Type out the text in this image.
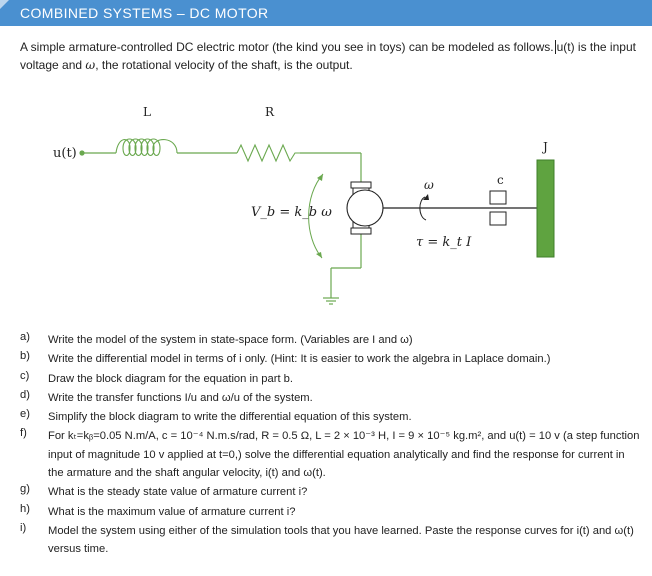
COMBINED SYSTEMS – DC MOTOR
A simple armature-controlled DC electric motor (the kind you see in toys) can be modeled as follows. u(t) is the input voltage and ω, the rotational velocity of the shaft, is the output.
u(t)
L	R
V_b = k_b ω
ω
τ = k_t I
c
J
a)	Write the model of the system in state-space form. (Variables are I and ω)
b)	Write the differential model in terms of i only. (Hint: It is easier to work the algebra in Laplace domain.)
c)	Draw the block diagram for the equation in part b.
d)	Write the transfer functions I/u and ω/u of the system.
e)	Simplify the block diagram to write the differential equation of this system.
f)	For kₜ=kᵦ=0.05 N.m/A, c = 10⁻⁴ N.m.s/rad, R = 0.5 Ω, L = 2 × 10⁻³ H, I = 9 × 10⁻⁵ kg.m², and u(t) = 10 v (a step function input of magnitude 10 v applied at t=0,) solve the differential equation analytically and find the response for current in the armature and the shaft angular velocity, i(t) and ω(t).
g)	What is the steady state value of armature current i?
h)	What is the maximum value of armature current i?
i)	Model the system using either of the simulation tools that you have learned. Paste the response curves for i(t) and ω(t) versus time.
